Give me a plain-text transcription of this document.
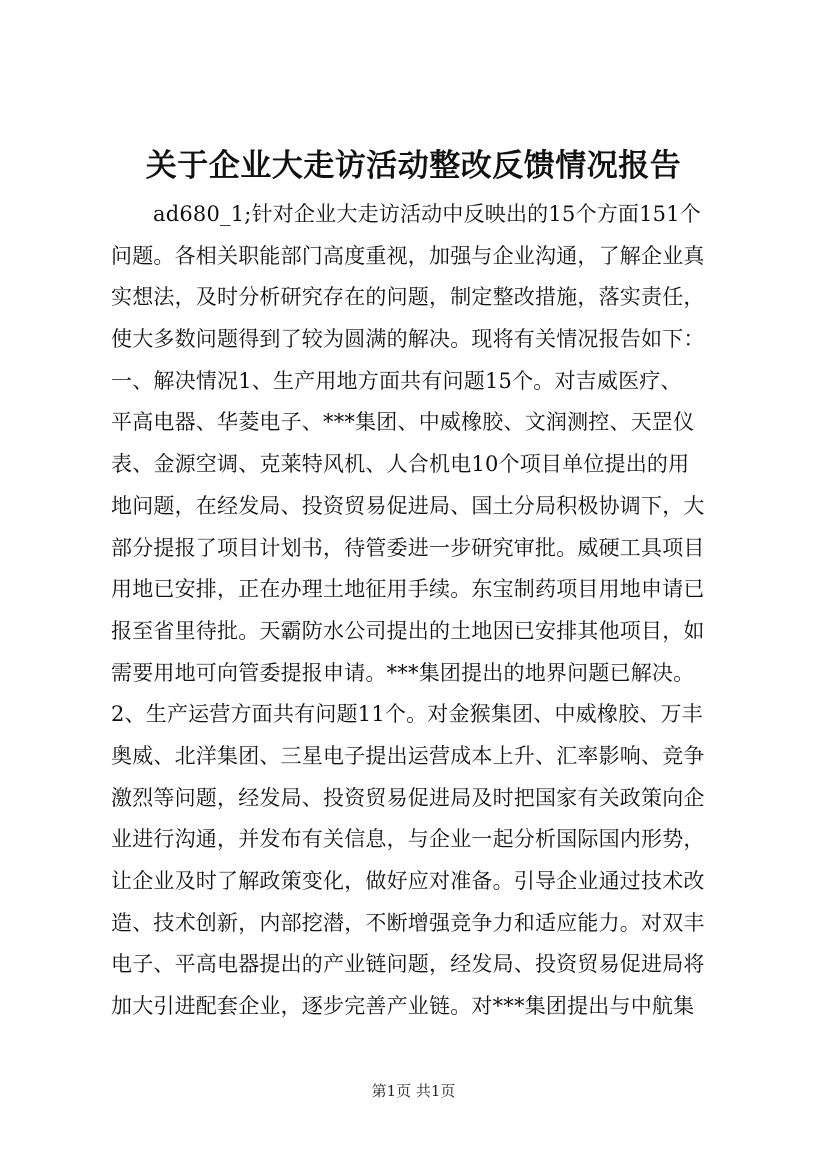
关于企业大走访活动整改反馈情况报告
ad680_1;针对企业大走访活动中反映出的15个方面151个
问题。各相关职能部门高度重视，加强与企业沟通，了解企业真
实想法，及时分析研究存在的问题，制定整改措施，落实责任，
使大多数问题得到了较为圆满的解决。现将有关情况报告如下：
一、解决情况1、生产用地方面共有问题15个。对吉威医疗、
平高电器、华菱电子、***集团、中威橡胶、文润测控、天罡仪
表、金源空调、克莱特风机、人合机电10个项目单位提出的用
地问题，在经发局、投资贸易促进局、国土分局积极协调下，大
部分提报了项目计划书，待管委进一步研究审批。威硬工具项目
用地已安排，正在办理土地征用手续。东宝制药项目用地申请已
报至省里待批。天霸防水公司提出的土地因已安排其他项目，如
需要用地可向管委提报申请。***集团提出的地界问题已解决。
2、生产运营方面共有问题11个。对金猴集团、中威橡胶、万丰
奥威、北洋集团、三星电子提出运营成本上升、汇率影响、竞争
激烈等问题，经发局、投资贸易促进局及时把国家有关政策向企
业进行沟通，并发布有关信息，与企业一起分析国际国内形势，
让企业及时了解政策变化，做好应对准备。引导企业通过技术改
造、技术创新，内部挖潜，不断增强竞争力和适应能力。对双丰
电子、平高电器提出的产业链问题，经发局、投资贸易促进局将
加大引进配套企业，逐步完善产业链。对***集团提出与中航集
第1页 共1页
